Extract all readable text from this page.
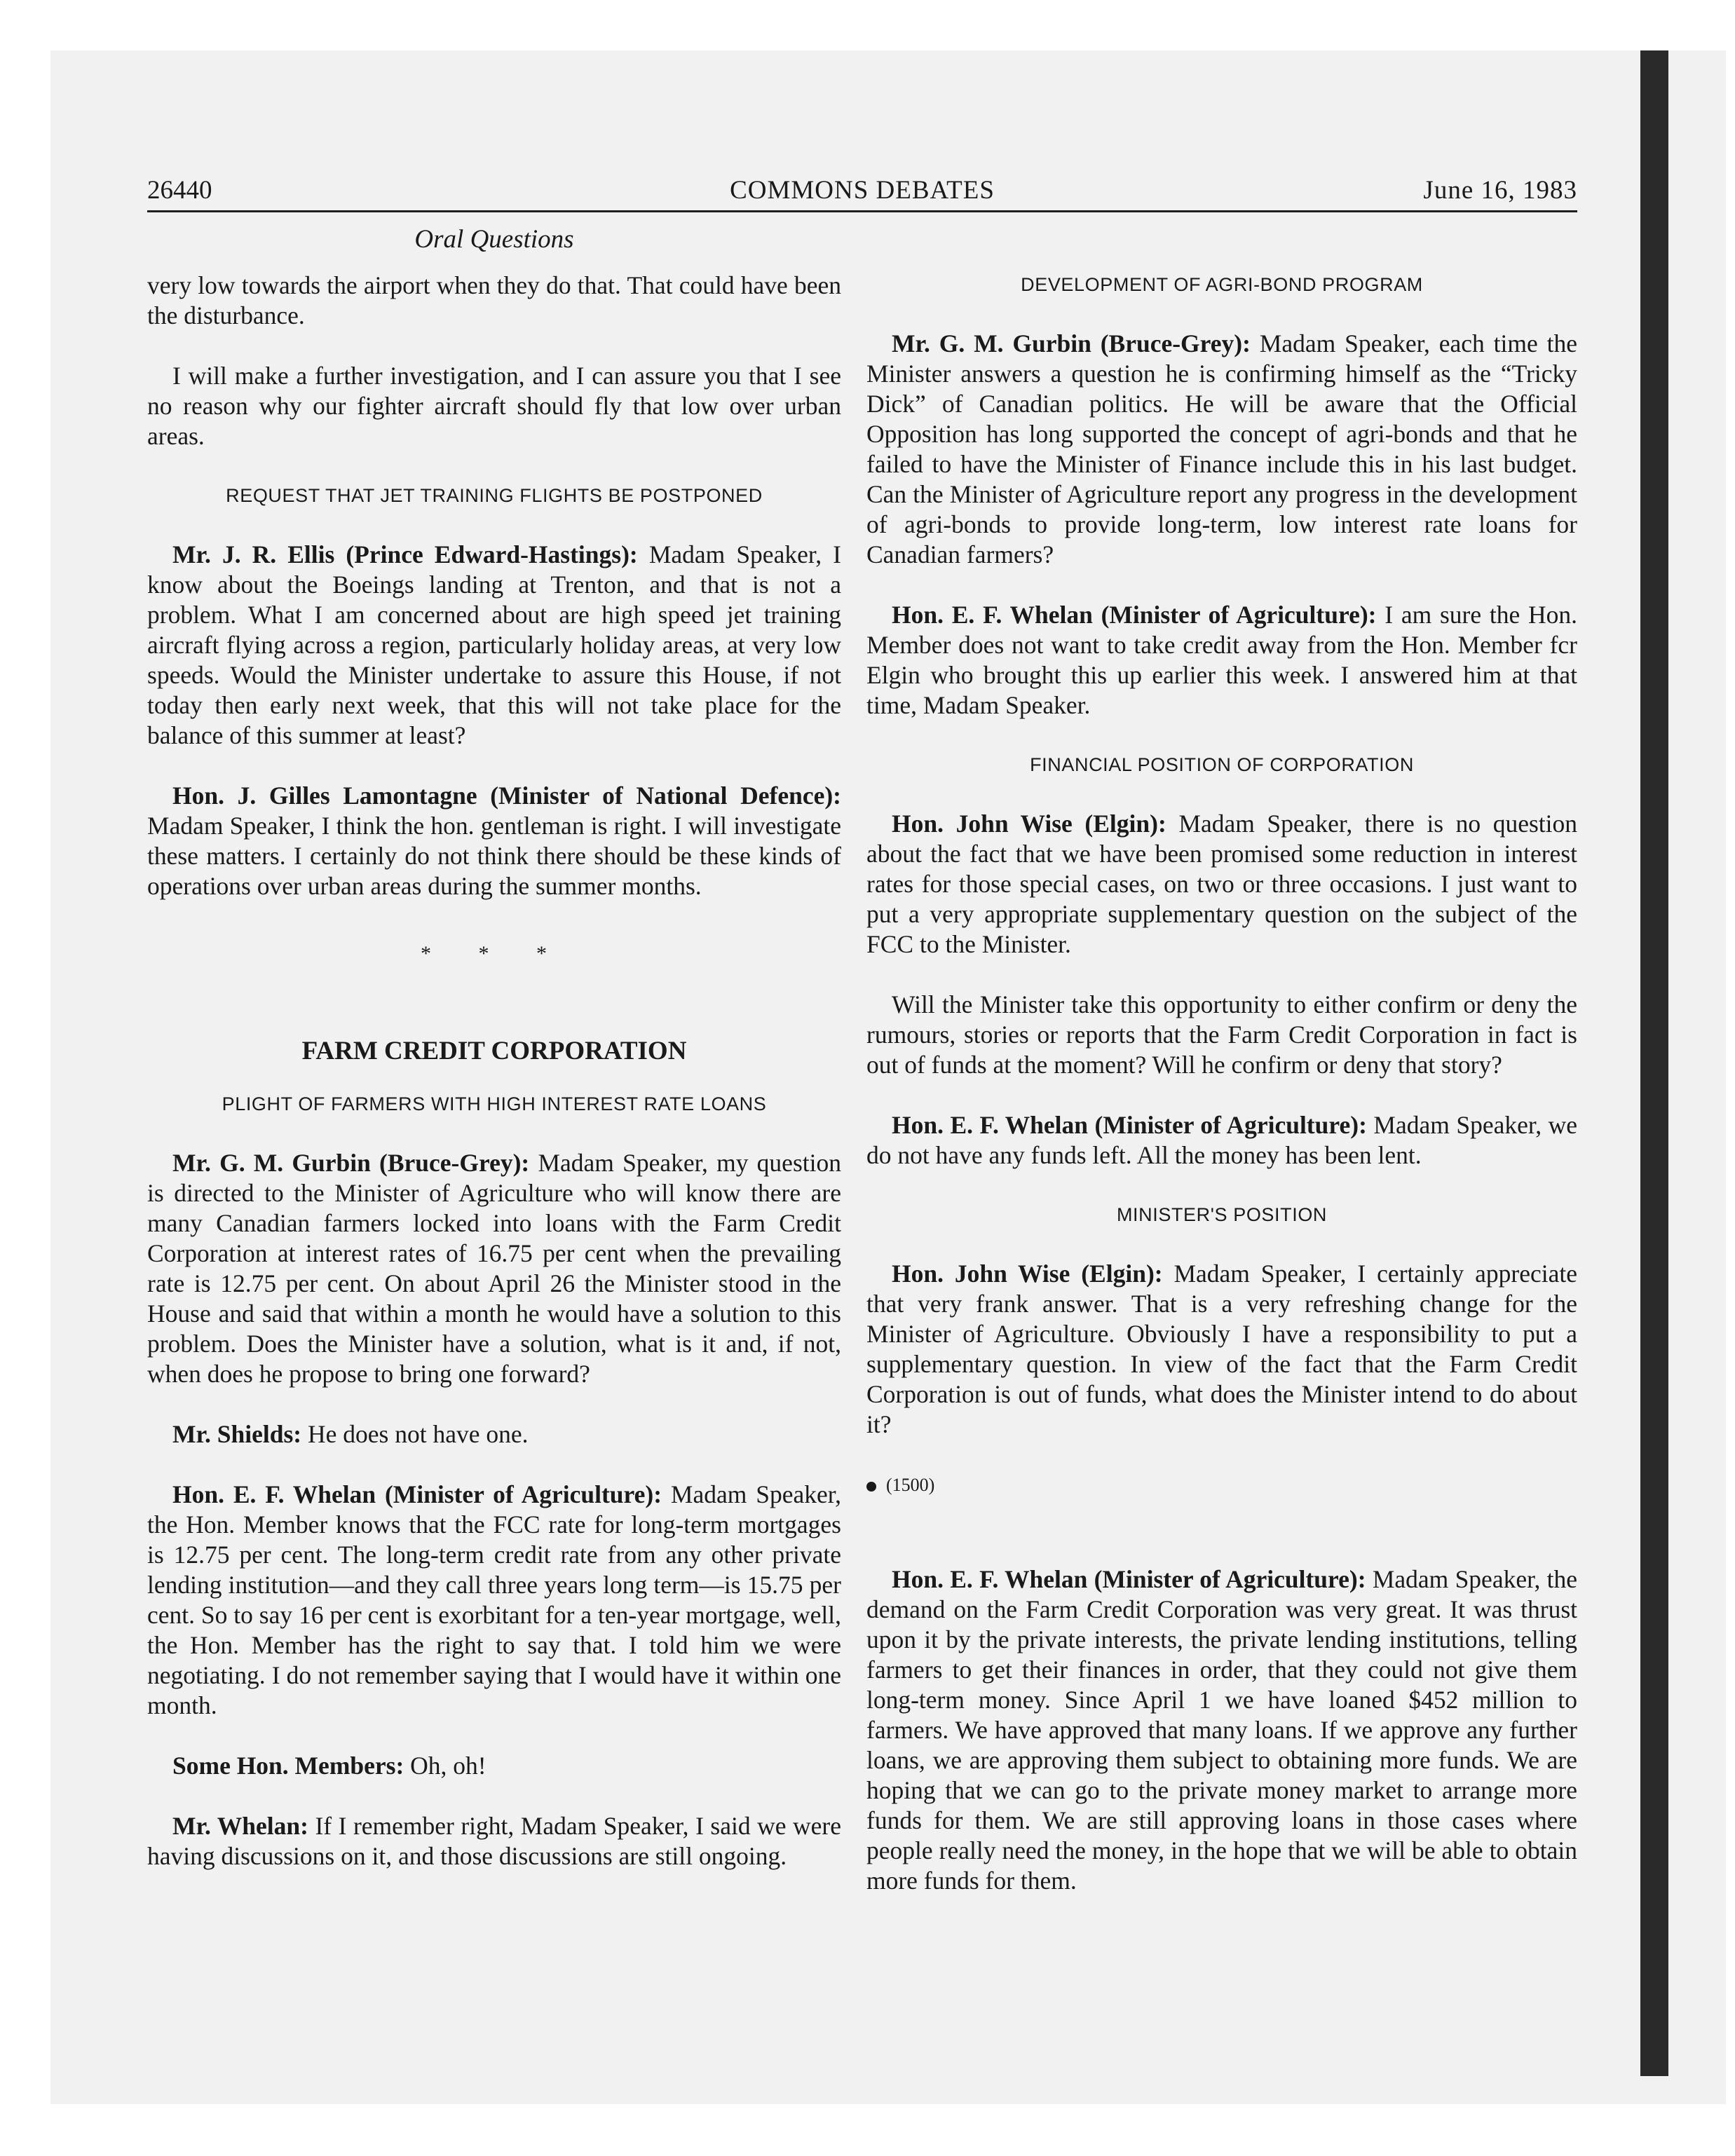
26440	COMMONS DEBATES	June 16, 1983
Oral Questions

very low towards the airport when they do that. That could have been the disturbance.

I will make a further investigation, and I can assure you that I see no reason why our fighter aircraft should fly that low over urban areas.

REQUEST THAT JET TRAINING FLIGHTS BE POSTPONED

Mr. J. R. Ellis (Prince Edward-Hastings): Madam Speaker, I know about the Boeings landing at Trenton, and that is not a problem. What I am concerned about are high speed jet training aircraft flying across a region, particularly holiday areas, at very low speeds. Would the Minister undertake to assure this House, if not today then early next week, that this will not take place for the balance of this summer at least?

Hon. J. Gilles Lamontagne (Minister of National Defence): Madam Speaker, I think the hon. gentleman is right. I will investigate these matters. I certainly do not think there should be these kinds of operations over urban areas during the summer months.

* * *
FARM CREDIT CORPORATION
PLIGHT OF FARMERS WITH HIGH INTEREST RATE LOANS

Mr. G. M. Gurbin (Bruce-Grey): Madam Speaker, my question is directed to the Minister of Agriculture who will know there are many Canadian farmers locked into loans with the Farm Credit Corporation at interest rates of 16.75 per cent when the prevailing rate is 12.75 per cent. On about April 26 the Minister stood in the House and said that within a month he would have a solution to this problem. Does the Minister have a solution, what is it and, if not, when does he propose to bring one forward?

Mr. Shields: He does not have one.

Hon. E. F. Whelan (Minister of Agriculture): Madam Speaker, the Hon. Member knows that the FCC rate for long-term mortgages is 12.75 per cent. The long-term credit rate from any other private lending institution—and they call three years long term—is 15.75 per cent. So to say 16 per cent is exorbitant for a ten-year mortgage, well, the Hon. Member has the right to say that. I told him we were negotiating. I do not remember saying that I would have it within one month.

Some Hon. Members: Oh, oh!

Mr. Whelan: If I remember right, Madam Speaker, I said we were having discussions on it, and those discussions are still ongoing.

DEVELOPMENT OF AGRI-BOND PROGRAM

Mr. G. M. Gurbin (Bruce-Grey): Madam Speaker, each time the Minister answers a question he is confirming himself as the “Tricky Dick” of Canadian politics. He will be aware that the Official Opposition has long supported the concept of agri-bonds and that he failed to have the Minister of Finance include this in his last budget. Can the Minister of Agriculture report any progress in the development of agri-bonds to provide long-term, low interest rate loans for Canadian farmers?

Hon. E. F. Whelan (Minister of Agriculture): I am sure the Hon. Member does not want to take credit away from the Hon. Member fcr Elgin who brought this up earlier this week. I answered him at that time, Madam Speaker.

FINANCIAL POSITION OF CORPORATION

Hon. John Wise (Elgin): Madam Speaker, there is no question about the fact that we have been promised some reduction in interest rates for those special cases, on two or three occasions. I just want to put a very appropriate supplementary question on the subject of the FCC to the Minister.

Will the Minister take this opportunity to either confirm or deny the rumours, stories or reports that the Farm Credit Corporation in fact is out of funds at the moment? Will he confirm or deny that story?

Hon. E. F. Whelan (Minister of Agriculture): Madam Speaker, we do not have any funds left. All the money has been lent.

MINISTER'S POSITION

Hon. John Wise (Elgin): Madam Speaker, I certainly appreciate that very frank answer. That is a very refreshing change for the Minister of Agriculture. Obviously I have a responsibility to put a supplementary question. In view of the fact that the Farm Credit Corporation is out of funds, what does the Minister intend to do about it?

(1500)

Hon. E. F. Whelan (Minister of Agriculture): Madam Speaker, the demand on the Farm Credit Corporation was very great. It was thrust upon it by the private interests, the private lending institutions, telling farmers to get their finances in order, that they could not give them long-term money. Since April 1 we have loaned $452 million to farmers. We have approved that many loans. If we approve any further loans, we are approving them subject to obtaining more funds. We are hoping that we can go to the private money market to arrange more funds for them. We are still approving loans in those cases where people really need the money, in the hope that we will be able to obtain more funds for them.
